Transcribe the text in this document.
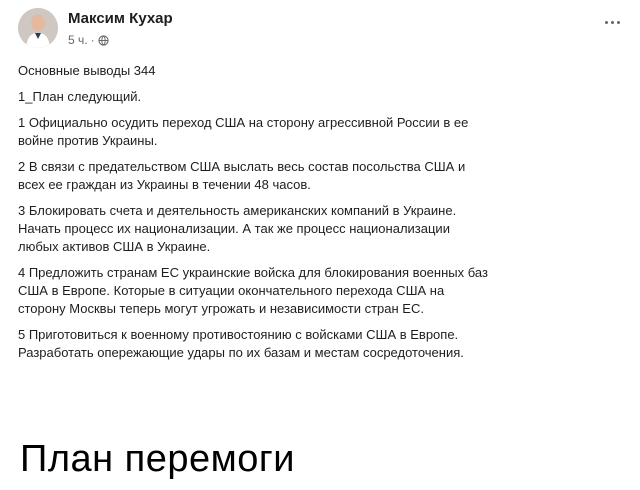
Максим Кухар
5 ч. ·

Основные выводы 344

1_План следующий.

1 Официально осудить переход США на сторону агрессивной России в ее
войне против Украины.

2 В связи с предательством США выслать весь состав посольства США и
всех ее граждан из Украины в течении 48 часов.

3 Блокировать счета и деятельность американских компаний в Украине.
Начать процесс их национализации. А так же процесс национализации
любых активов США в Украине.

4 Предложить странам ЕС украинские войска для блокирования военных баз
США в Европе. Которые в ситуации окончательного перехода США на
сторону Москвы теперь могут угрожать и независимости стран ЕС.

5 Приготовиться к военному противостоянию с войсками США в Европе.
Разработать опережающие удары по их базам и местам сосредоточения.

План перемоги
